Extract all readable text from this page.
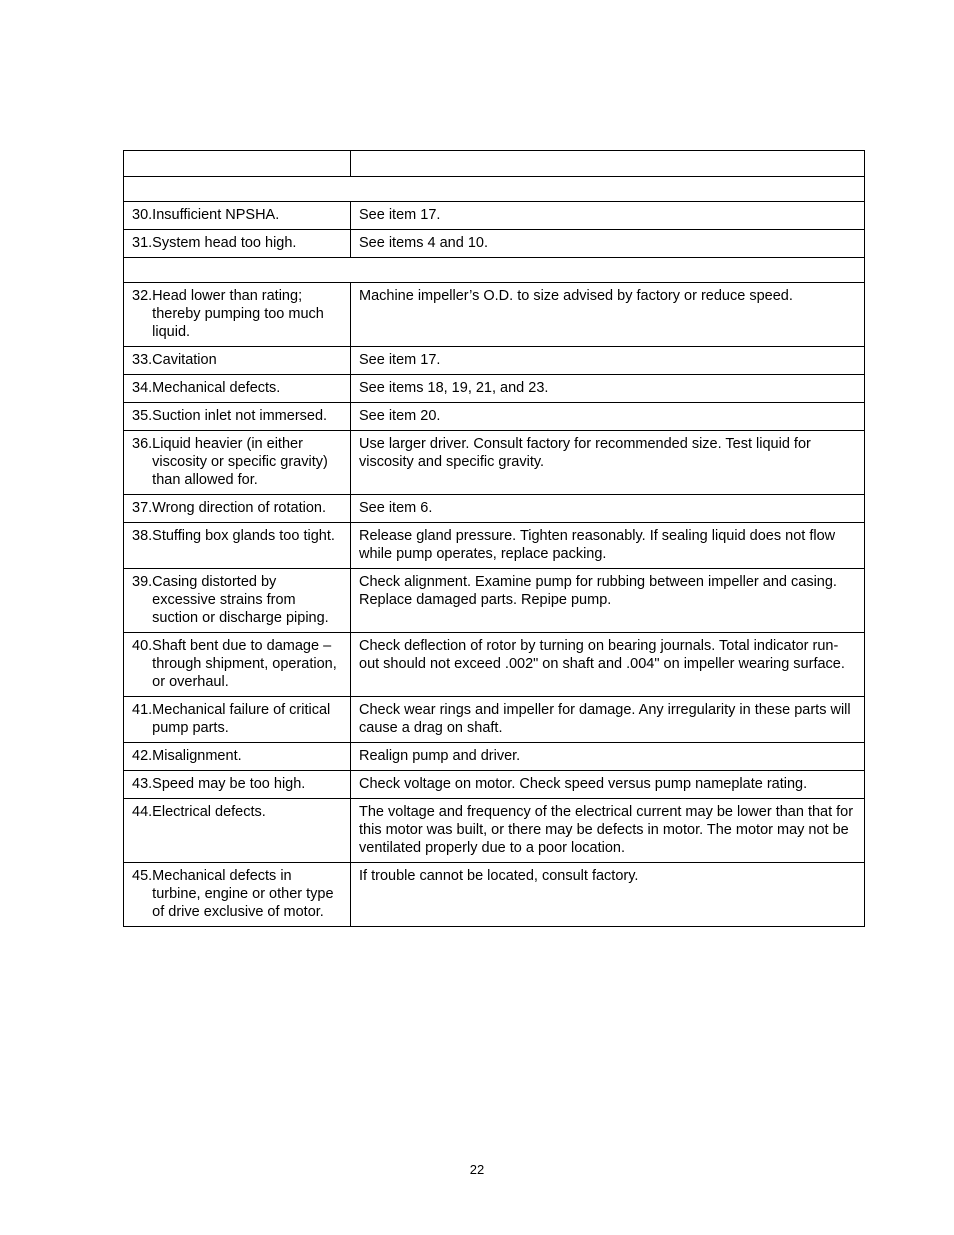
30. Insufficient NPSHA.	See item 17.

31. System head too high.	See items 4 and 10.

32. Head lower than rating; thereby pumping too much liquid.	Machine impeller’s O.D. to size advised by factory or reduce speed.

33. Cavitation	See item 17.

34. Mechanical defects.	See items 18, 19, 21, and 23.

35. Suction inlet not immersed.	See item 20.

36. Liquid heavier (in either viscosity or specific gravity) than allowed for.	Use larger driver. Consult factory for recommended size. Test liquid for viscosity and specific gravity.

37. Wrong direction of rotation.	See item 6.

38. Stuffing box glands too tight.	Release gland pressure. Tighten reasonably. If sealing liquid does not flow while pump operates, replace packing.

39. Casing distorted by excessive strains from suction or discharge piping.	Check alignment. Examine pump for rubbing between impeller and casing. Replace damaged parts. Repipe pump.

40. Shaft bent due to damage – through shipment, operation, or overhaul.	Check deflection of rotor by turning on bearing journals. Total indicator run-out should not exceed .002" on shaft and .004" on impeller wearing surface.

41. Mechanical failure of critical pump parts.	Check wear rings and impeller for damage. Any irregularity in these parts will cause a drag on shaft.

42. Misalignment.	Realign pump and driver.

43. Speed may be too high.	Check voltage on motor. Check speed versus pump nameplate rating.

44. Electrical defects.	The voltage and frequency of the electrical current may be lower than that for this motor was built, or there may be defects in motor. The motor may not be ventilated properly due to a poor location.

45. Mechanical defects in turbine, engine or other type of drive exclusive of motor.	If trouble cannot be located, consult factory.
22
